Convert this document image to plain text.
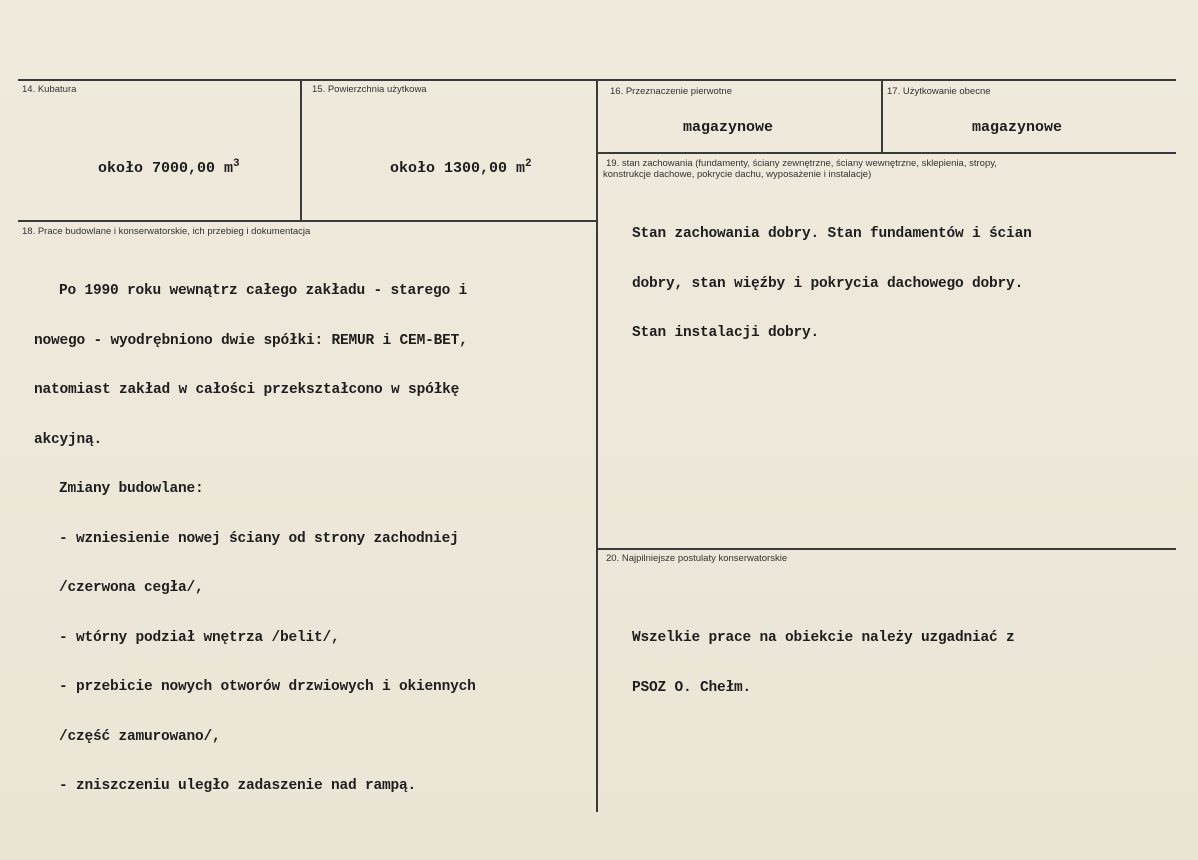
14. Kubatura
około 7000,00 $m^3$
15. Powierzchnia użytkowa
około 1300,00 $m^2$
16. Przeznaczenie pierwotne
magazynowe
17. Użytkowanie obecne
magazynowe
19. stan zachowania (fundamenty, ściany zewnętrzne, ściany wewnętrzne, sklepienia, stropy,
konstrukcje dachowe, pokrycie dachu, wyposażenie i instalacje)

Stan zachowania dobry. Stan fundamentów i ścian

dobry, stan więźby i pokrycia dachowego dobry.

Stan instalacji dobry.

18. Prace budowlane i konserwatorskie, ich przebieg i dokumentacja

Po 1990 roku wewnątrz całego zakładu - starego i

nowego - wyodrębniono dwie spółki: REMUR i CEM-BET,

natomiast zakład w całości przekształcono w spółkę

akcyjną.

Zmiany budowlane:

- wzniesienie nowej ściany od strony zachodniej

/czerwona cegła/,

- wtórny podział wnętrza /belit/,

- przebicie nowych otworów drzwiowych i okiennych

/część zamurowano/,

- zniszczeniu uległo zadaszenie nad rampą.

20. Najpilniejsze postulaty konserwatorskie

Wszelkie prace na obiekcie należy uzgadniać z

PSOZ O. Chełm.
